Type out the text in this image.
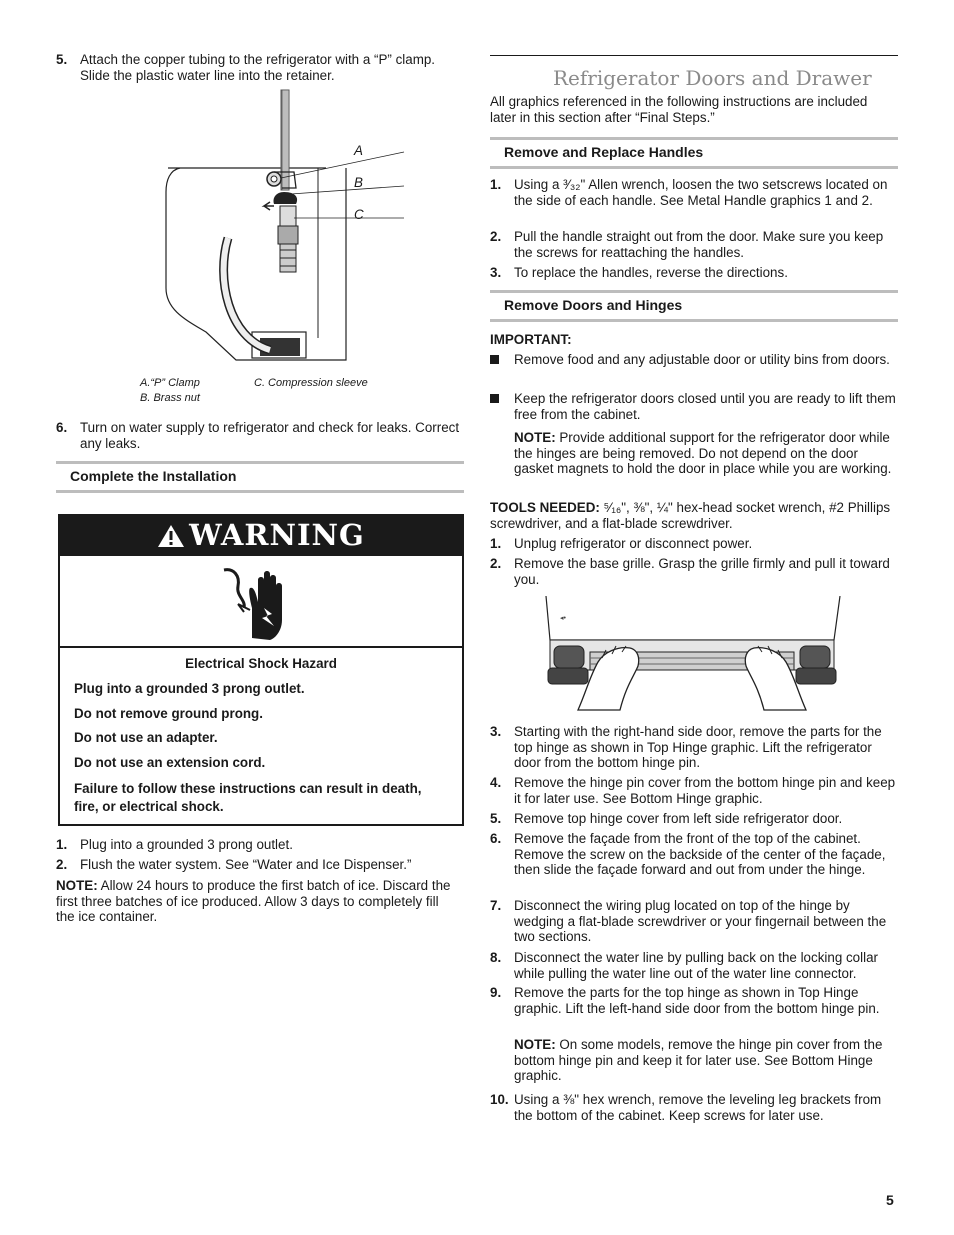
5. Attach the copper tubing to the refrigerator with a “P” clamp. Slide the plastic water line into the retainer.
A
B
C
A.“P” Clamp
B. Brass nut
C. Compression sleeve
6. Turn on water supply to refrigerator and check for leaks. Correct any leaks.
Complete the Installation
WARNING
Electrical Shock Hazard
Plug into a grounded 3 prong outlet.
Do not remove ground prong.
Do not use an adapter.
Do not use an extension cord.
Failure to follow these instructions can result in death, fire, or electrical shock.
1. Plug into a grounded 3 prong outlet.
2. Flush the water system. See “Water and Ice Dispenser.”
NOTE: Allow 24 hours to produce the first batch of ice. Discard the first three batches of ice produced. Allow 3 days to completely fill the ice container.
Refrigerator Doors and Drawer
All graphics referenced in the following instructions are included later in this section after “Final Steps.”
Remove and Replace Handles
1. Using a ³⁄₃₂" Allen wrench, loosen the two setscrews located on the side of each handle. See Metal Handle graphics 1 and 2.
2. Pull the handle straight out from the door. Make sure you keep the screws for reattaching the handles.
3. To replace the handles, reverse the directions.
Remove Doors and Hinges
IMPORTANT:
Remove food and any adjustable door or utility bins from doors.
Keep the refrigerator doors closed until you are ready to lift them free from the cabinet.
NOTE: Provide additional support for the refrigerator door while the hinges are being removed. Do not depend on the door gasket magnets to hold the door in place while you are working.
TOOLS NEEDED: ⁵⁄₁₆", ⅜", ¼" hex-head socket wrench, #2 Phillips screwdriver, and a flat-blade screwdriver.
1. Unplug refrigerator or disconnect power.
2. Remove the base grille. Grasp the grille firmly and pull it toward you.
◂•
3. Starting with the right-hand side door, remove the parts for the top hinge as shown in Top Hinge graphic. Lift the refrigerator door from the bottom hinge pin.
4. Remove the hinge pin cover from the bottom hinge pin and keep it for later use. See Bottom Hinge graphic.
5. Remove top hinge cover from left side refrigerator door.
6. Remove the façade from the front of the top of the cabinet. Remove the screw on the backside of the center of the façade, then slide the façade forward and out from under the hinge.
7. Disconnect the wiring plug located on top of the hinge by wedging a flat-blade screwdriver or your fingernail between the two sections.
8. Disconnect the water line by pulling back on the locking collar while pulling the water line out of the water line connector.
9. Remove the parts for the top hinge as shown in Top Hinge graphic. Lift the left-hand side door from the bottom hinge pin.
NOTE: On some models, remove the hinge pin cover from the bottom hinge pin and keep it for later use. See Bottom Hinge graphic.
10. Using a ⅜" hex wrench, remove the leveling leg brackets from the bottom of the cabinet. Keep screws for later use.
5
